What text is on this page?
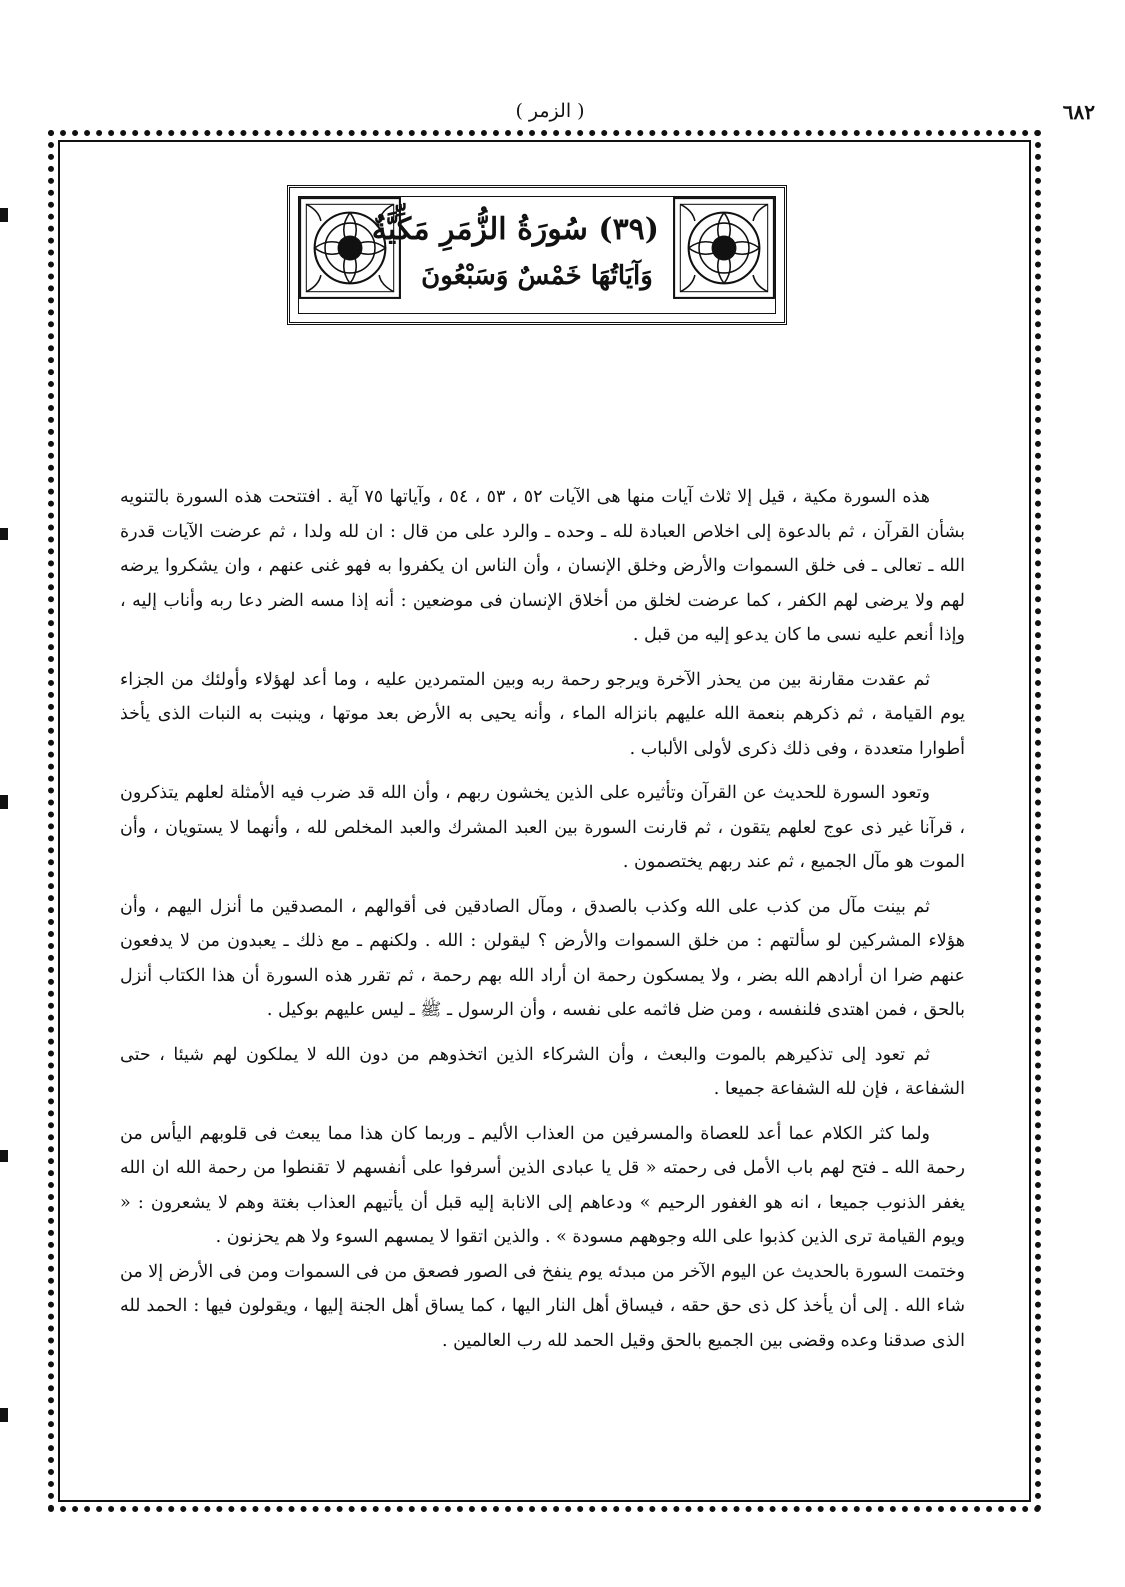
٦٨٢
( الزمر )
(٣٩) سُورَةُ الزُّمَرِ مَكِّيَّةٌ
وَآيَاتُهَا خَمْسٌ وَسَبْعُونَ

هذه السورة مكية ، قيل إلا ثلاث آيات منها هى الآيات ٥٢ ، ٥٣ ، ٥٤ ، وآياتها ٧٥ آية . افتتحت هذه السورة بالتنويه بشأن القرآن ، ثم بالدعوة إلى اخلاص العبادة لله ـ وحده ـ والرد على من قال : ان لله ولدا ، ثم عرضت الآيات قدرة الله ـ تعالى ـ فى خلق السموات والأرض وخلق الإنسان ، وأن الناس ان يكفروا به فهو غنى عنهم ، وان يشكروا يرضه لهم ولا يرضى لهم الكفر ، كما عرضت لخلق من أخلاق الإنسان فى موضعين : أنه إذا مسه الضر دعا ربه وأناب إليه ، وإذا أنعم عليه نسى ما كان يدعو إليه من قبل .

ثم عقدت مقارنة بين من يحذر الآخرة ويرجو رحمة ربه وبين المتمردين عليه ، وما أعد لهؤلاء وأولئك من الجزاء يوم القيامة ، ثم ذكرهم بنعمة الله عليهم بانزاله الماء ، وأنه يحيى به الأرض بعد موتها ، وينبت به النبات الذى يأخذ أطوارا متعددة ، وفى ذلك ذكرى لأولى الألباب .

وتعود السورة للحديث عن القرآن وتأثيره على الذين يخشون ربهم ، وأن الله قد ضرب فيه الأمثلة لعلهم يتذكرون ، قرآنا غير ذى عوج لعلهم يتقون ، ثم قارنت السورة بين العبد المشرك والعبد المخلص لله ، وأنهما لا يستويان ، وأن الموت هو مآل الجميع ، ثم عند ربهم يختصمون .

ثم بينت مآل من كذب على الله وكذب بالصدق ، ومآل الصادقين فى أقوالهم ، المصدقين ما أنزل اليهم ، وأن هؤلاء المشركين لو سألتهم : من خلق السموات والأرض ؟ ليقولن : الله . ولكنهم ـ مع ذلك ـ يعبدون من لا يدفعون عنهم ضرا ان أرادهم الله بضر ، ولا يمسكون رحمة ان أراد الله بهم رحمة ، ثم تقرر هذه السورة أن هذا الكتاب أنزل بالحق ، فمن اهتدى فلنفسه ، ومن ضل فاثمه على نفسه ، وأن الرسول ـ ﷺ ـ ليس عليهم بوكيل .

ثم تعود إلى تذكيرهم بالموت والبعث ، وأن الشركاء الذين اتخذوهم من دون الله لا يملكون لهم شيئا ، حتى الشفاعة ، فإن لله الشفاعة جميعا .

ولما كثر الكلام عما أعد للعصاة والمسرفين من العذاب الأليم ـ وربما كان هذا مما يبعث فى قلوبهم اليأس من رحمة الله ـ فتح لهم باب الأمل فى رحمته « قل يا عبادى الذين أسرفوا على أنفسهم لا تقنطوا من رحمة الله ان الله يغفر الذنوب جميعا ، انه هو الغفور الرحيم » ودعاهم إلى الانابة إليه قبل أن يأتيهم العذاب بغتة وهم لا يشعرون : « ويوم القيامة ترى الذين كذبوا على الله وجوههم مسودة » . والذين اتقوا لا يمسهم السوء ولا هم يحزنون .

وختمت السورة بالحديث عن اليوم الآخر من مبدئه يوم ينفخ فى الصور فصعق من فى السموات ومن فى الأرض إلا من شاء الله . إلى أن يأخذ كل ذى حق حقه ، فيساق أهل النار اليها ، كما يساق أهل الجنة إليها ، ويقولون فيها : الحمد لله الذى صدقنا وعده وقضى بين الجميع بالحق وقيل الحمد لله رب العالمين .
